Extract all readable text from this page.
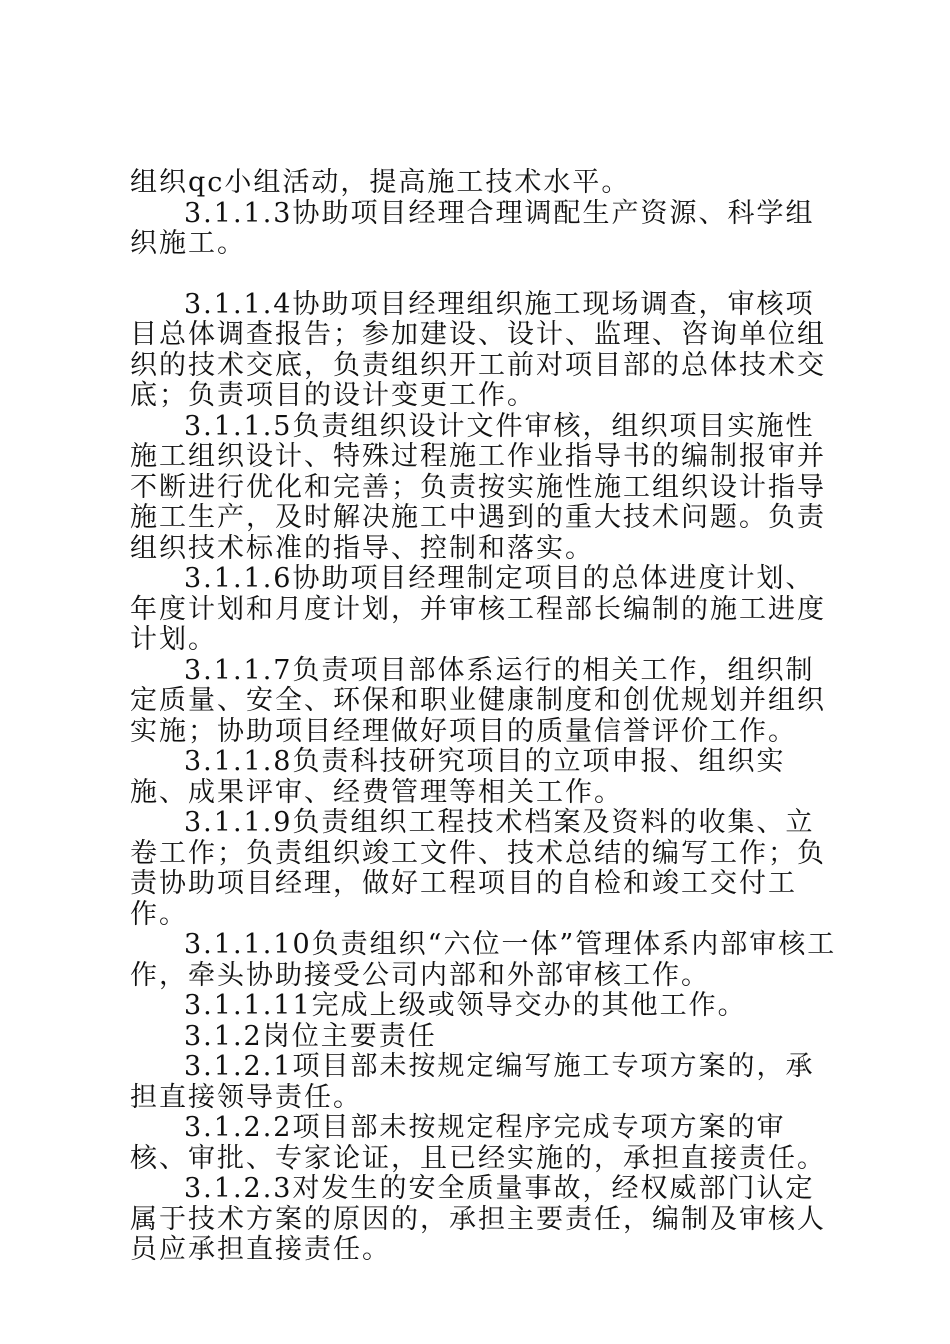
组织qc小组活动，提高施工技术水平。

3.1.1.3协助项目经理合理调配生产资源、科学组织施工。

3.1.1.4协助项目经理组织施工现场调查，审核项目总体调查报告；参加建设、设计、监理、咨询单位组织的技术交底，负责组织开工前对项目部的总体技术交底；负责项目的设计变更工作。

3.1.1.5负责组织设计文件审核，组织项目实施性施工组织设计、特殊过程施工作业指导书的编制报审并不断进行优化和完善；负责按实施性施工组织设计指导施工生产，及时解决施工中遇到的重大技术问题。负责组织技术标准的指导、控制和落实。

3.1.1.6协助项目经理制定项目的总体进度计划、年度计划和月度计划，并审核工程部长编制的施工进度计划。

3.1.1.7负责项目部体系运行的相关工作，组织制定质量、安全、环保和职业健康制度和创优规划并组织实施；协助项目经理做好项目的质量信誉评价工作。

3.1.1.8负责科技研究项目的立项申报、组织实施、成果评审、经费管理等相关工作。

3.1.1.9负责组织工程技术档案及资料的收集、立卷工作；负责组织竣工文件、技术总结的编写工作；负责协助项目经理，做好工程项目的自检和竣工交付工作。

3.1.1.10负责组织“六位一体”管理体系内部审核工作，牵头协助接受公司内部和外部审核工作。

3.1.1.11完成上级或领导交办的其他工作。

3.1.2岗位主要责任

3.1.2.1项目部未按规定编写施工专项方案的，承担直接领导责任。

3.1.2.2项目部未按规定程序完成专项方案的审核、审批、专家论证，且已经实施的，承担直接责任。

3.1.2.3对发生的安全质量事故，经权威部门认定属于技术方案的原因的，承担主要责任，编制及审核人员应承担直接责任。
